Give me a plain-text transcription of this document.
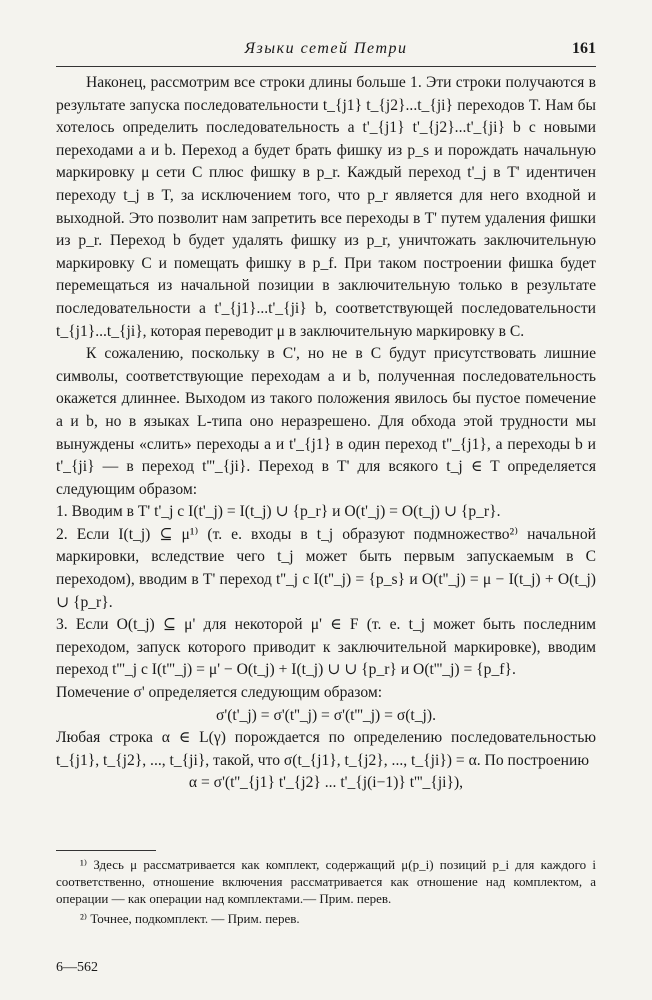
Языки сетей Петри	161

Наконец, рассмотрим все строки длины больше 1. Эти строки получаются в результате запуска последовательности t_{j1} t_{j2}...t_{ji} переходов T. Нам бы хотелось определить последовательность a t'_{j1} t'_{j2}...t'_{ji} b с новыми переходами a и b. Переход a будет брать фишку из p_s и порождать начальную маркировку μ сети C плюс фишку в p_r. Каждый переход t'_j в T' идентичен переходу t_j в T, за исключением того, что p_r является для него входной и выходной. Это позволит нам запретить все переходы в T' путем удаления фишки из p_r. Переход b будет удалять фишку из p_r, уничтожать заключительную маркировку C и помещать фишку в p_f. При таком построении фишка будет перемещаться из начальной позиции в заключительную только в результате последовательности a t'_{j1}...t'_{ji} b, соответствующей последовательности t_{j1}...t_{ji}, которая переводит μ в заключительную маркировку в C.

К сожалению, поскольку в C', но не в C будут присутствовать лишние символы, соответствующие переходам a и b, полученная последовательность окажется длиннее. Выходом из такого положения явилось бы пустое помечение a и b, но в языках L-типа оно неразрешено. Для обхода этой трудности мы вынуждены «слить» переходы a и t'_{j1} в один переход t''_{j1}, а переходы b и t'_{ji} — в переход t'''_{ji}. Переход в T' для всякого t_j ∈ T определяется следующим образом:

1. Вводим в T' t'_j с I(t'_j) = I(t_j) ∪ {p_r} и O(t'_j) = O(t_j) ∪ {p_r}.

2. Если I(t_j) ⊆ μ¹⁾ (т. е. входы в t_j образуют подмножество²⁾ начальной маркировки, вследствие чего t_j может быть первым запускаемым в C переходом), вводим в T' переход t''_j с I(t''_j) = {p_s} и O(t''_j) = μ − I(t_j) + O(t_j) ∪ {p_r}.

3. Если O(t_j) ⊆ μ' для некоторой μ' ∈ F (т. е. t_j может быть последним переходом, запуск которого приводит к заключительной маркировке), вводим переход t'''_j с I(t'''_j) = μ' − O(t_j) + I(t_j) ∪ ∪ {p_r} и O(t'''_j) = {p_f}.

Помечение σ' определяется следующим образом:

σ'(t'_j) = σ'(t''_j) = σ'(t'''_j) = σ(t_j).

Любая строка α ∈ L(γ) порождается по определению последовательностью t_{j1}, t_{j2}, ..., t_{ji}, такой, что σ(t_{j1}, t_{j2}, ..., t_{ji}) = α. По построению

α = σ'(t''_{j1} t'_{j2} ... t'_{j(i−1)} t'''_{ji}),

¹⁾ Здесь μ рассматривается как комплект, содержащий μ(p_i) позиций p_i для каждого i соответственно, отношение включения рассматривается как отношение над комплектом, а операции — как операции над комплектами.— Прим. перев.

²⁾ Точнее, подкомплект. — Прим. перев.

6—562
